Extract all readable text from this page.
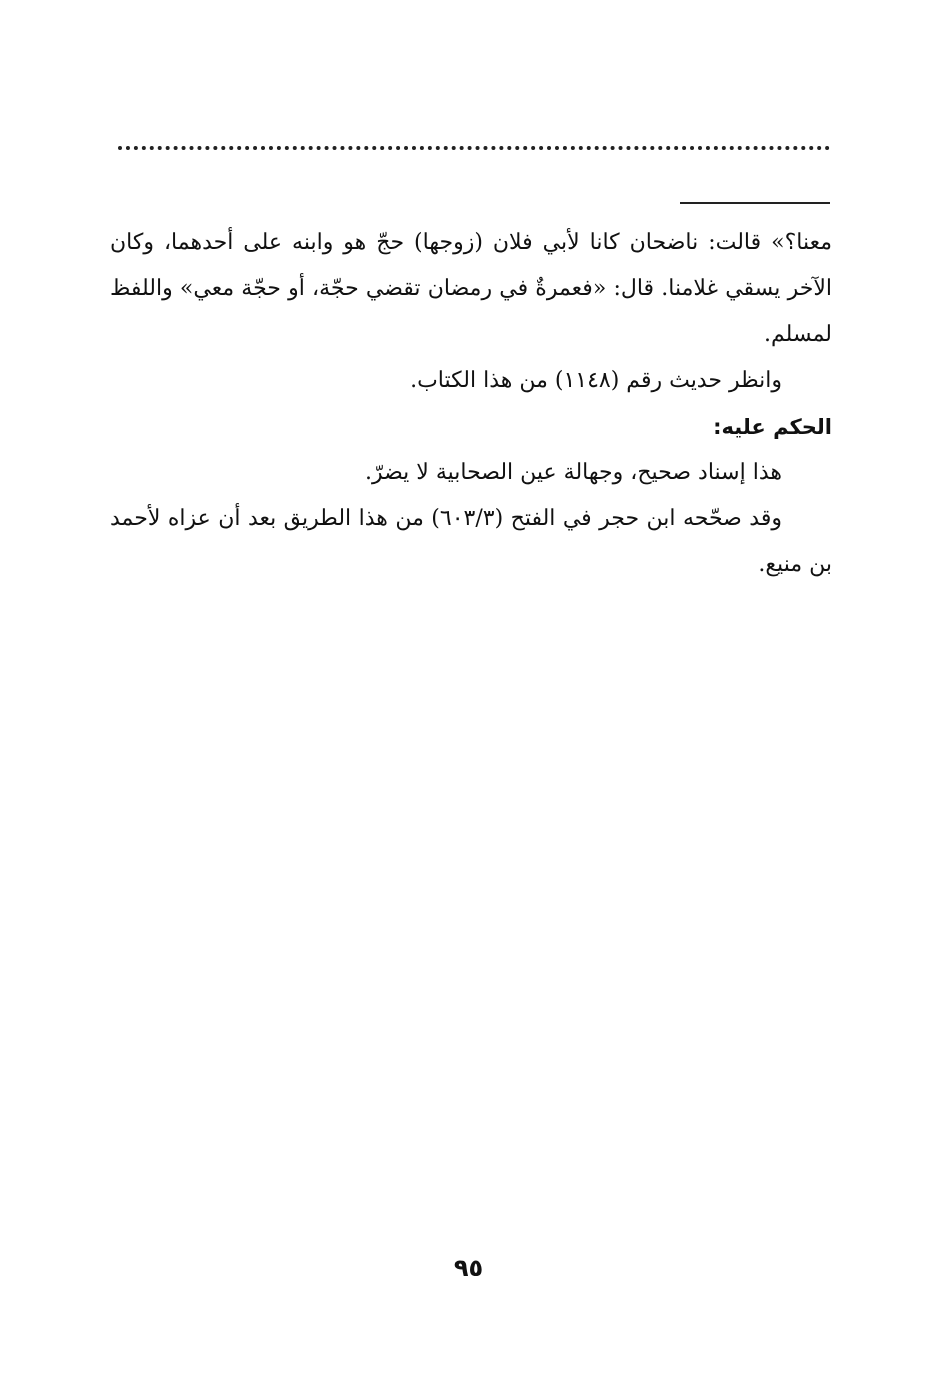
معنا؟» قالت: ناضحان كانا لأبي فلان (زوجها) حجّ هو وابنه على أحدهما، وكان الآخر يسقي غلامنا. قال: «فعمرةٌ في رمضان تقضي حجّة، أو حجّة معي» واللفظ لمسلم.

وانظر حديث رقم (١١٤٨) من هذا الكتاب.

الحكم عليه:

هذا إسناد صحيح، وجهالة عين الصحابية لا يضرّ.

وقد صحّحه ابن حجر في الفتح (٦٠٣/٣) من هذا الطريق بعد أن عزاه لأحمد بن منيع.

٩٥
